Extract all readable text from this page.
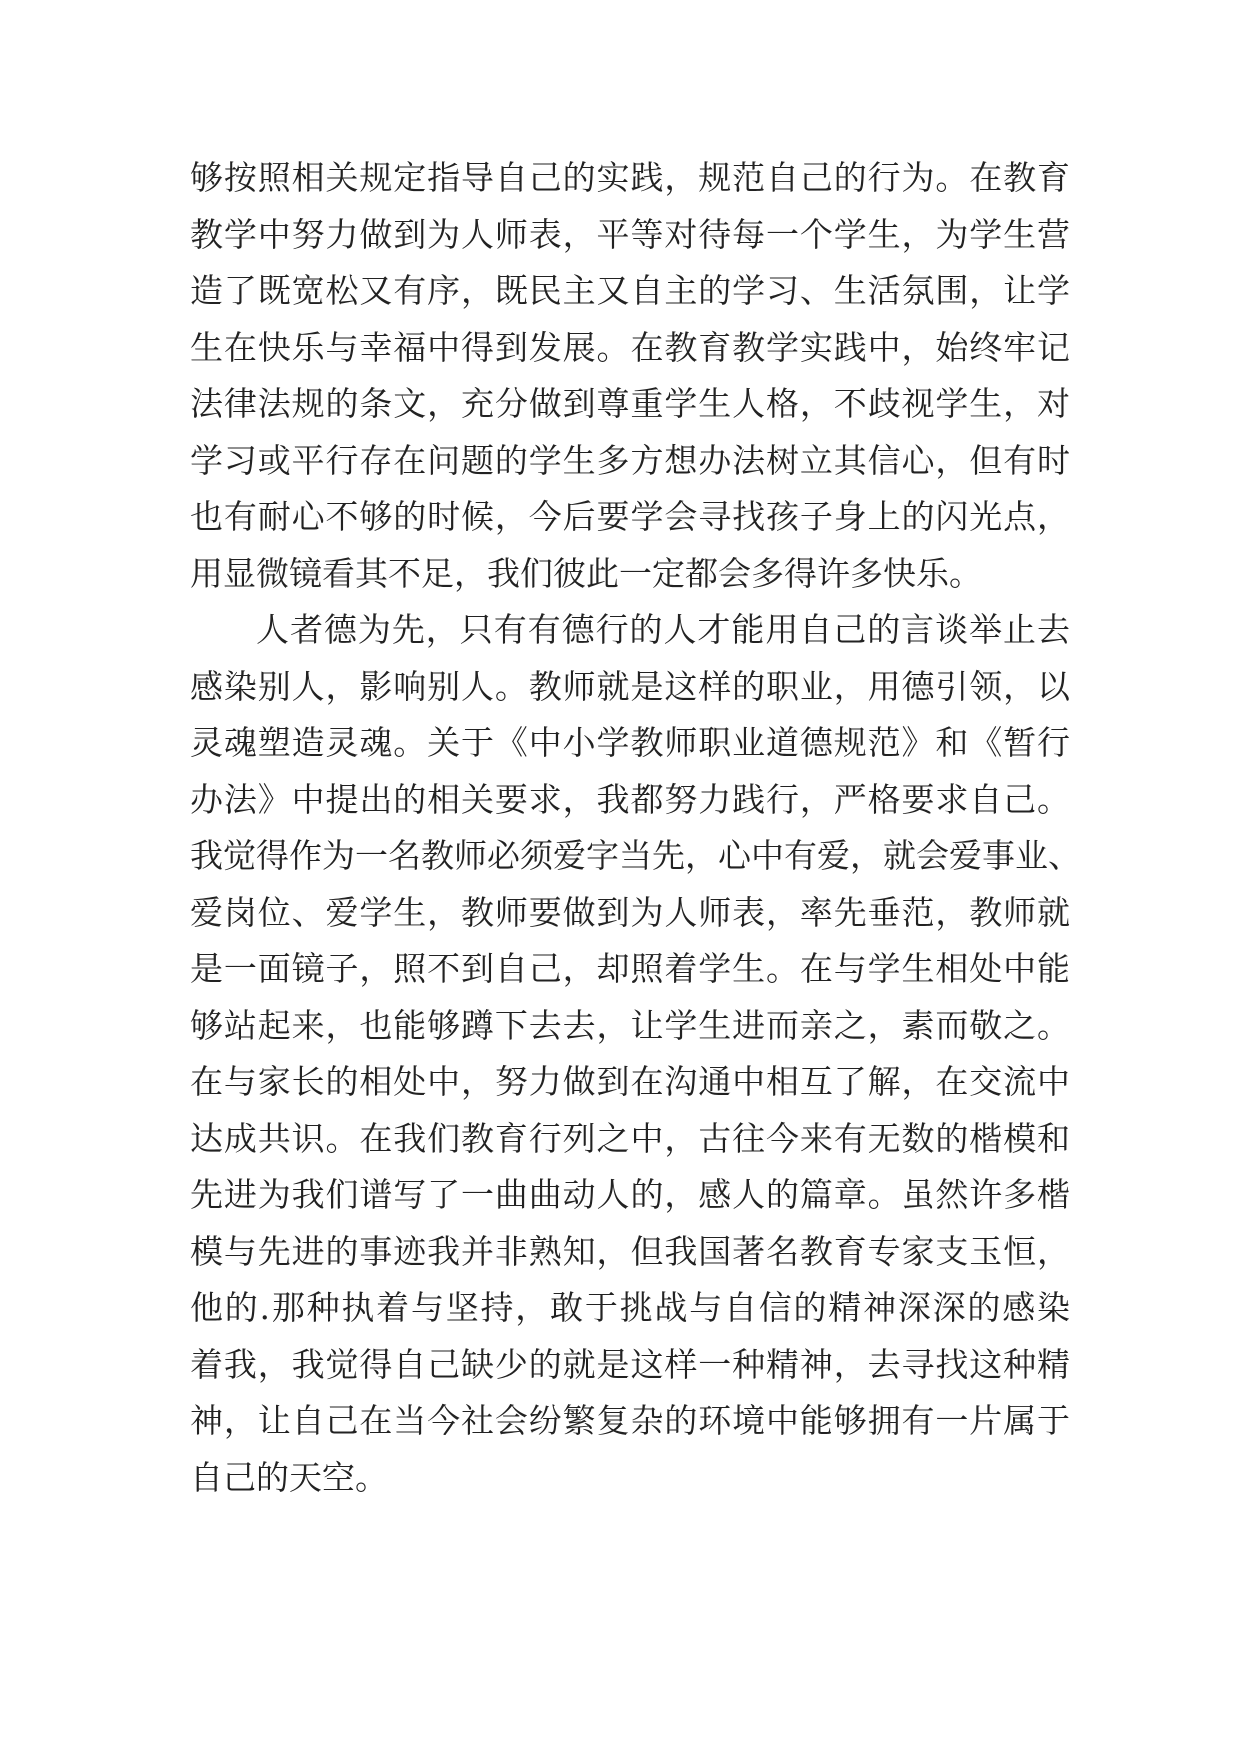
够按照相关规定指导自己的实践，规范自己的行为。在教育
教学中努力做到为人师表，平等对待每一个学生，为学生营
造了既宽松又有序，既民主又自主的学习、生活氛围，让学
生在快乐与幸福中得到发展。在教育教学实践中，始终牢记
法律法规的条文，充分做到尊重学生人格，不歧视学生，对
学习或平行存在问题的学生多方想办法树立其信心，但有时
也有耐心不够的时候，今后要学会寻找孩子身上的闪光点，
用显微镜看其不足，我们彼此一定都会多得许多快乐。
人者德为先，只有有德行的人才能用自己的言谈举止去
感染别人，影响别人。教师就是这样的职业，用德引领，以
灵魂塑造灵魂。关于《中小学教师职业道德规范》和《暂行
办法》中提出的相关要求，我都努力践行，严格要求自己。
我觉得作为一名教师必须爱字当先，心中有爱，就会爱事业、
爱岗位、爱学生，教师要做到为人师表，率先垂范，教师就
是一面镜子，照不到自己，却照着学生。在与学生相处中能
够站起来，也能够蹲下去去，让学生进而亲之，素而敬之。
在与家长的相处中，努力做到在沟通中相互了解，在交流中
达成共识。在我们教育行列之中，古往今来有无数的楷模和
先进为我们谱写了一曲曲动人的，感人的篇章。虽然许多楷
模与先进的事迹我并非熟知，但我国著名教育专家支玉恒，
他的.那种执着与坚持，敢于挑战与自信的精神深深的感染
着我，我觉得自己缺少的就是这样一种精神，去寻找这种精
神，让自己在当今社会纷繁复杂的环境中能够拥有一片属于
自己的天空。
